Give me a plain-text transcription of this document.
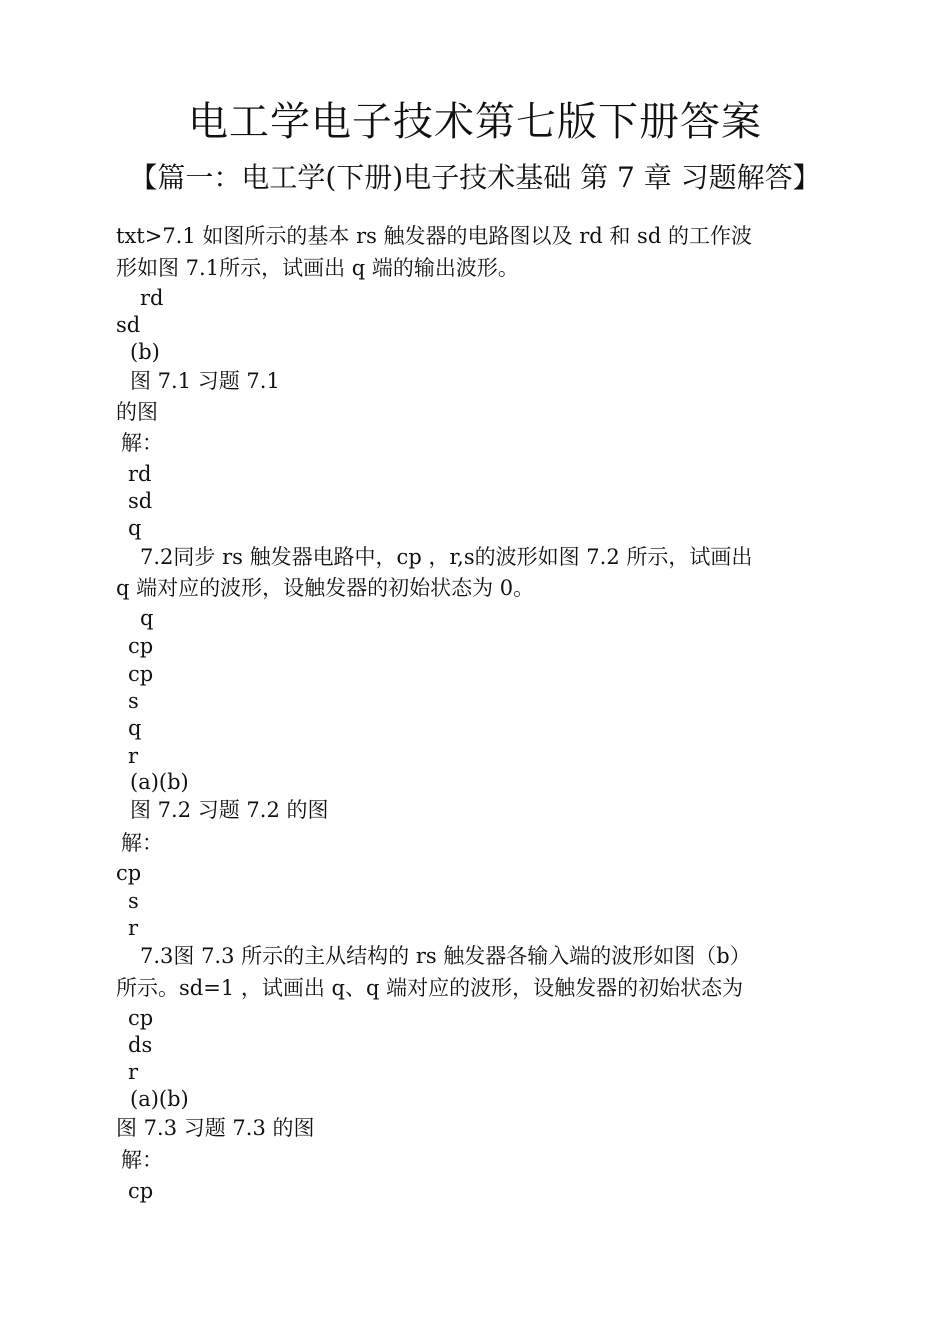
电工学电子技术第七版下册答案
【篇一：电工学(下册)电子技术基础 第 7 章 习题解答】
txt>7.1 如图所示的基本 rs 触发器的电路图以及 rd 和 sd 的工作波
形如图 7.1所示，试画出 q 端的输出波形。
rd
sd
(b)
图 7.1 习题 7.1
的图
解：
rd
sd
q
7.2同步 rs 触发器电路中，cp ，r,s的波形如图 7.2 所示，试画出
q 端对应的波形，设触发器的初始状态为 0。
q
cp
cp
s
q
r
(a)(b)
图 7.2 习题 7.2 的图
解：
cp
s
r
7.3图 7.3 所示的主从结构的 rs 触发器各输入端的波形如图（b）
所示。sd=1 ，试画出 q、q 端对应的波形，设触发器的初始状态为
cp
ds
r
(a)(b)
图 7.3 习题 7.3 的图
解：
cp
